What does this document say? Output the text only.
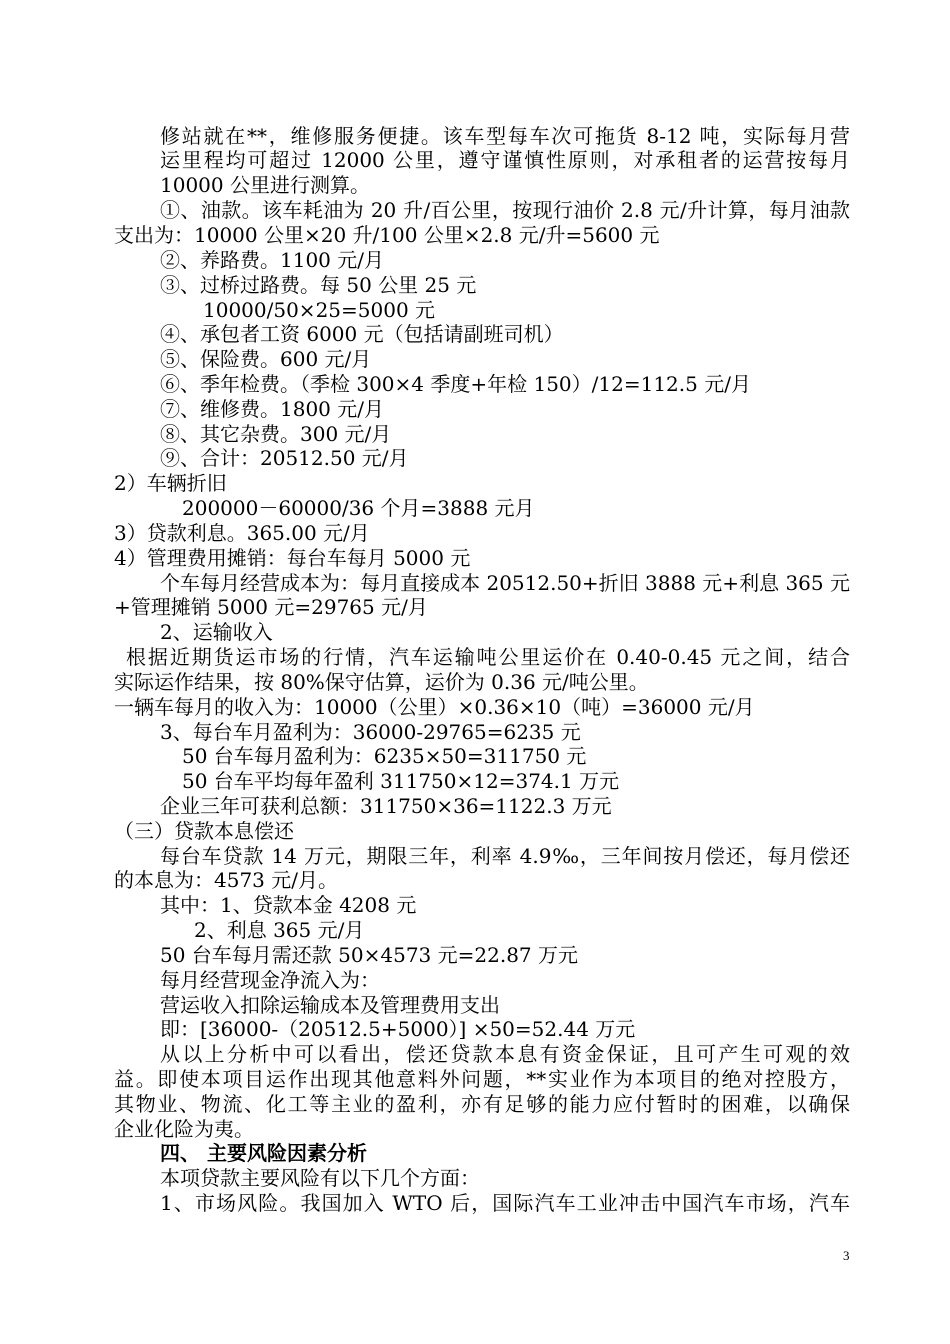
修站就在**，维修服务便捷。该车型每车次可拖货 8-12 吨，实际每月营
运里程均可超过 12000 公里，遵守谨慎性原则，对承租者的运营按每月
10000 公里进行测算。
①、油款。该车耗油为 20 升/百公里，按现行油价 2.8 元/升计算，每月油款
支出为：10000 公里×20 升/100 公里×2.8 元/升=5600 元
②、养路费。1100 元/月
③、过桥过路费。每 50 公里 25 元
10000/50×25=5000 元
④、承包者工资 6000 元（包括请副班司机）
⑤、保险费。600 元/月
⑥、季年检费。（季检 300×4 季度+年检 150）/12=112.5 元/月
⑦、维修费。1800 元/月
⑧、其它杂费。300 元/月
⑨、合计：20512.50 元/月
2）车辆折旧
200000－60000/36 个月=3888 元月
3）贷款利息。365.00 元/月
4）管理费用摊销：每台车每月 5000 元
个车每月经营成本为：每月直接成本 20512.50+折旧 3888 元+利息 365 元
+管理摊销 5000 元=29765 元/月
2、运输收入
根据近期货运市场的行情，汽车运输吨公里运价在 0.40-0.45 元之间，结合
实际运作结果，按 80%保守估算，运价为 0.36 元/吨公里。
一辆车每月的收入为：10000（公里）×0.36×10（吨）=36000 元/月
3、每台车月盈利为：36000-29765=6235 元
50 台车每月盈利为：6235×50=311750 元
50 台车平均每年盈利 311750×12=374.1 万元
企业三年可获利总额：311750×36=1122.3 万元
（三）贷款本息偿还
每台车贷款 14 万元，期限三年，利率 4.9‰，三年间按月偿还，每月偿还
的本息为：4573 元/月。
其中：1、贷款本金 4208 元
2、利息 365 元/月
50 台车每月需还款 50×4573 元=22.87 万元
每月经营现金净流入为：
营运收入扣除运输成本及管理费用支出
即：[36000-（20512.5+5000）] ×50=52.44 万元
从以上分析中可以看出，偿还贷款本息有资金保证，且可产生可观的效
益。即使本项目运作出现其他意料外问题，**实业作为本项目的绝对控股方，
其物业、物流、化工等主业的盈利，亦有足够的能力应付暂时的困难，以确保
企业化险为夷。
四、 主要风险因素分析
本项贷款主要风险有以下几个方面：
1、市场风险。我国加入 WTO 后，国际汽车工业冲击中国汽车市场，汽车
3
